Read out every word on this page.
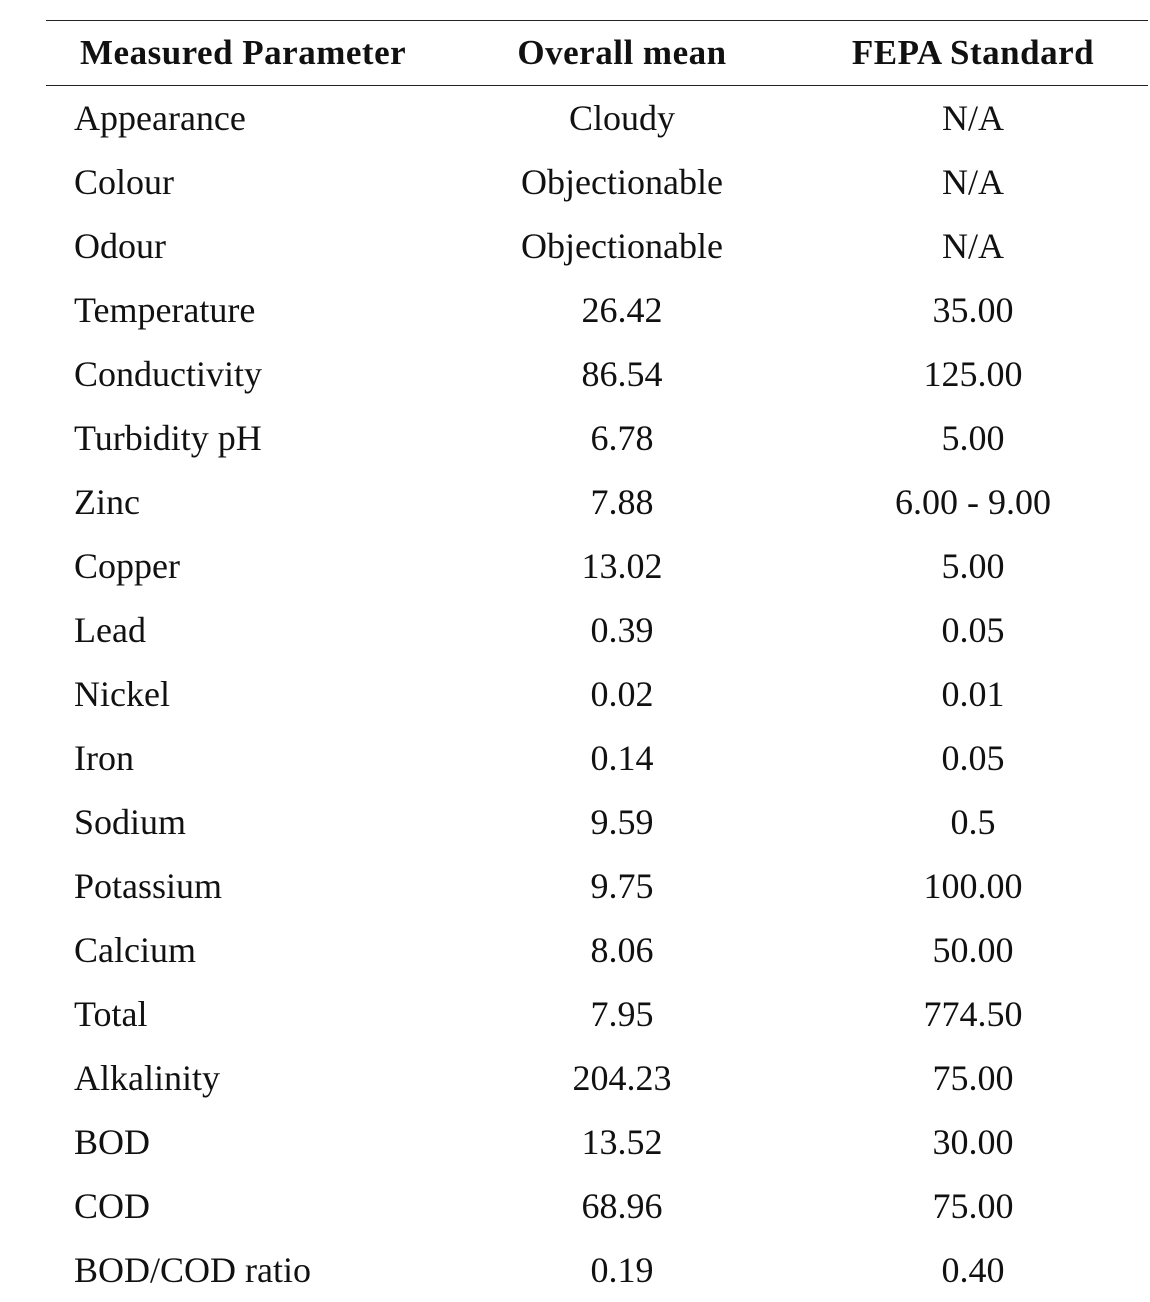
Measured Parameter	Overall mean	FEPA Standard
Appearance	Cloudy	N/A
Colour	Objectionable	N/A
Odour	Objectionable	N/A
Temperature	26.42	35.00
Conductivity	86.54	125.00
Turbidity pH	6.78	5.00
Zinc	7.88	6.00 - 9.00
Copper	13.02	5.00
Lead	0.39	0.05
Nickel	0.02	0.01
Iron	0.14	0.05
Sodium	9.59	0.5
Potassium	9.75	100.00
Calcium	8.06	50.00
Total	7.95	774.50
Alkalinity	204.23	75.00
BOD	13.52	30.00
COD	68.96	75.00
BOD/COD ratio	0.19	0.40
